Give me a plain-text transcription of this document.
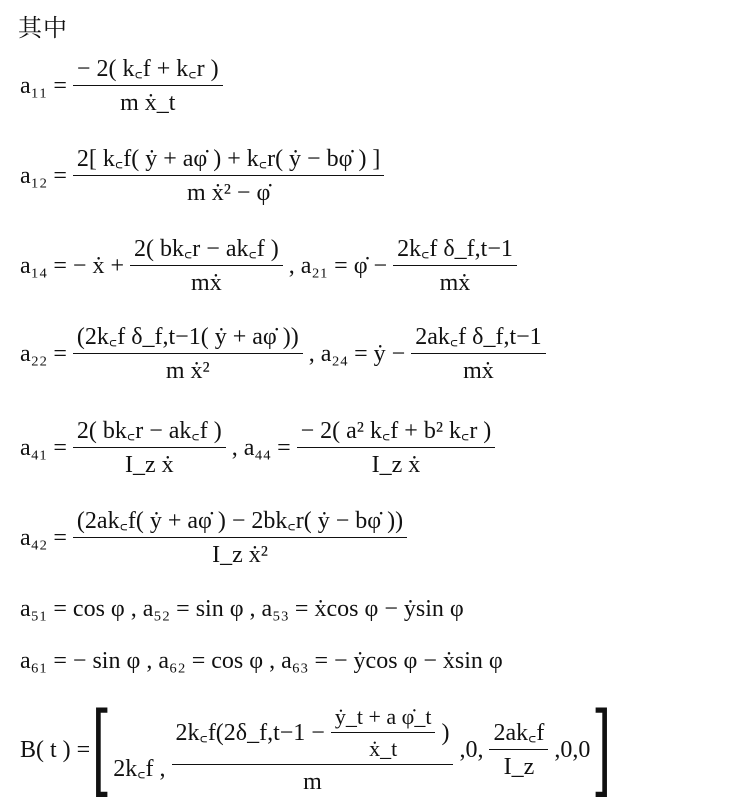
其中
$a_{11} = \frac{- 2( k꜀f + k꜀r )}{\text{m ẋ\_t}}$
$a_{12} = \frac{\text{2[ k꜀f( ẏ + aφ̇ ) + k꜀r( ẏ − bφ̇ ) ]}}{\text{m ẋ² − φ̇}}$
a₁₄ = − ẋ + $\frac{2( bk꜀r - ak꜀f )}{\text{mẋ}}$ , a₂₁ = φ̇ − $\frac{\text{2k꜀f δ\_f,t−1}}{\text{mẋ}}$
$a_{22} = \frac{\text{(2k꜀f δ\_f,t−1( ẏ + aφ̇ ))}}{\text{m ẋ²}}$ , a₂₄ = ẏ − $\frac{\text{2ak꜀f δ\_f,t−1}}{\text{mẋ}}$
$a_{41} = \frac{2( bk꜀r - ak꜀f )}{\text{I\_z ẋ}}$ , $a_{44} = \frac{\text{− 2( a² k꜀f + b² k꜀r )}}{\text{I\_z ẋ}}$
$a_{42} = \frac{\text{(2ak꜀f( ẏ + aφ̇ ) − 2bk꜀r( ẏ − bφ̇ ))}}{\text{I\_z ẋ²}}$
a₅₁ = cos φ , a₅₂ = sin φ , a₅₃ = ẋcos φ − ẏsin φ
a₆₁ = − sin φ , a₆₂ = cos φ , a₆₃ = − ẏcos φ − ẋsin φ
B( t ) = [ 2k꜀f ,
2k꜀f(2δ_f,t−1 − $\frac{\text{ẏ\_t + a φ̇\_t}}{\text{ẋ\_t}}$ )
m
,0, $\frac{2ak꜀f}{I\_z} ,0,0$ ]
